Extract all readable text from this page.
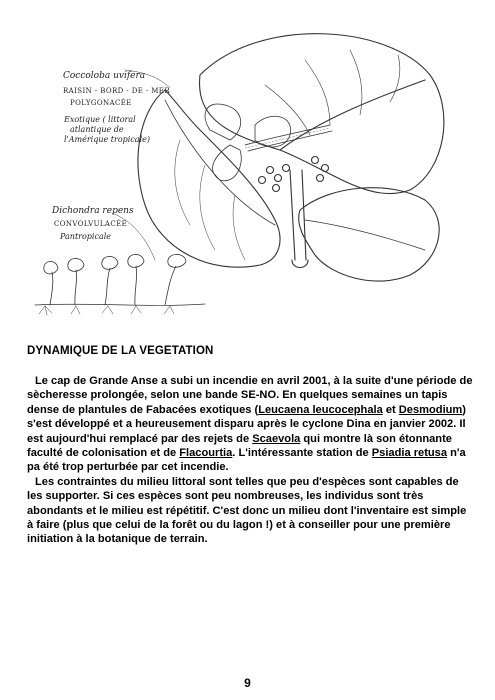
Coccoloba uvifera
RAISIN - BORD - DE - MER
POLYGONACÉE
Exotique ( littoral
atlantique de
l'Amérique tropicale)
Dichondra repens
CONVOLVULACÉE
Pantropicale
DYNAMIQUE DE LA VEGETATION

Le cap de Grande Anse a subi un incendie en avril 2001, à la suite d'une période de sècheresse prolongée, selon une bande SE-NO. En quelques semaines un tapis dense de plantules de Fabacées exotiques (Leucaena leucocephala et Desmodium) s'est développé et a heureusement disparu après le cyclone Dina en janvier 2002. Il est aujourd'hui remplacé par des rejets de Scaevola qui montre là son étonnante faculté de colonisation et de Flacourtia. L'intéressante station de Psiadia retusa n'a pa été trop perturbée par cet incendie.

Les contraintes du milieu littoral sont telles que peu d'espèces sont capables de les supporter. Si ces espèces sont peu nombreuses, les individus sont très abondants et le milieu est répétitif. C'est donc un milieu dont l'inventaire est simple à faire (plus que celui de la forêt ou du lagon !) et à conseiller pour une première initiation à la botanique de terrain.

9
